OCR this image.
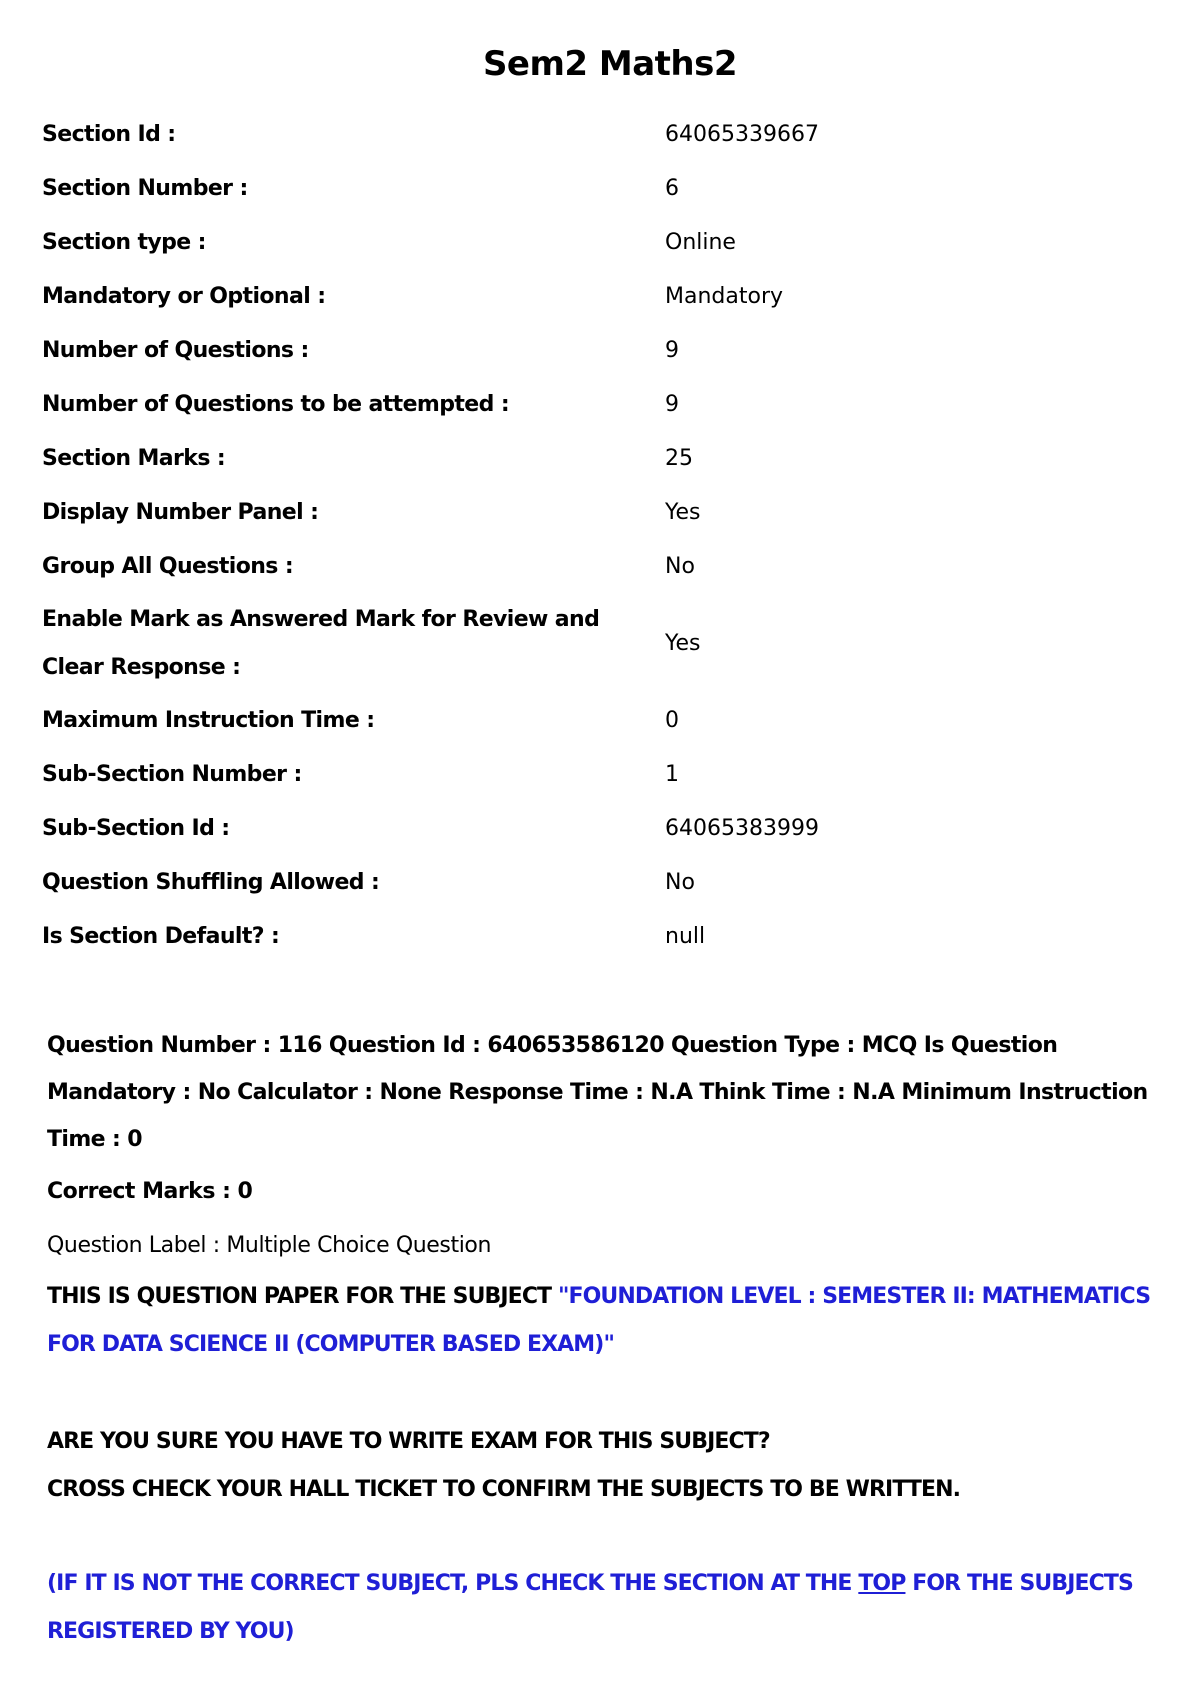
Sem2 Maths2
Section Id :	64065339667
Section Number :	6
Section type :	Online
Mandatory or Optional :	Mandatory
Number of Questions :	9
Number of Questions to be attempted :	9
Section Marks :	25
Display Number Panel :	Yes
Group All Questions :	No
Enable Mark as Answered Mark for Review and Clear Response :	Yes
Maximum Instruction Time :	0
Sub-Section Number :	1
Sub-Section Id :	64065383999
Question Shuffling Allowed :	No
Is Section Default? :	null
Question Number : 116 Question Id : 640653586120 Question Type : MCQ Is Question Mandatory : No Calculator : None Response Time : N.A Think Time : N.A Minimum Instruction Time : 0
Correct Marks : 0
Question Label : Multiple Choice Question
THIS IS QUESTION PAPER FOR THE SUBJECT "FOUNDATION LEVEL : SEMESTER II: MATHEMATICS FOR DATA SCIENCE II (COMPUTER BASED EXAM)"
ARE YOU SURE YOU HAVE TO WRITE EXAM FOR THIS SUBJECT?
CROSS CHECK YOUR HALL TICKET TO CONFIRM THE SUBJECTS TO BE WRITTEN.
(IF IT IS NOT THE CORRECT SUBJECT, PLS CHECK THE SECTION AT THE TOP FOR THE SUBJECTS REGISTERED BY YOU)
